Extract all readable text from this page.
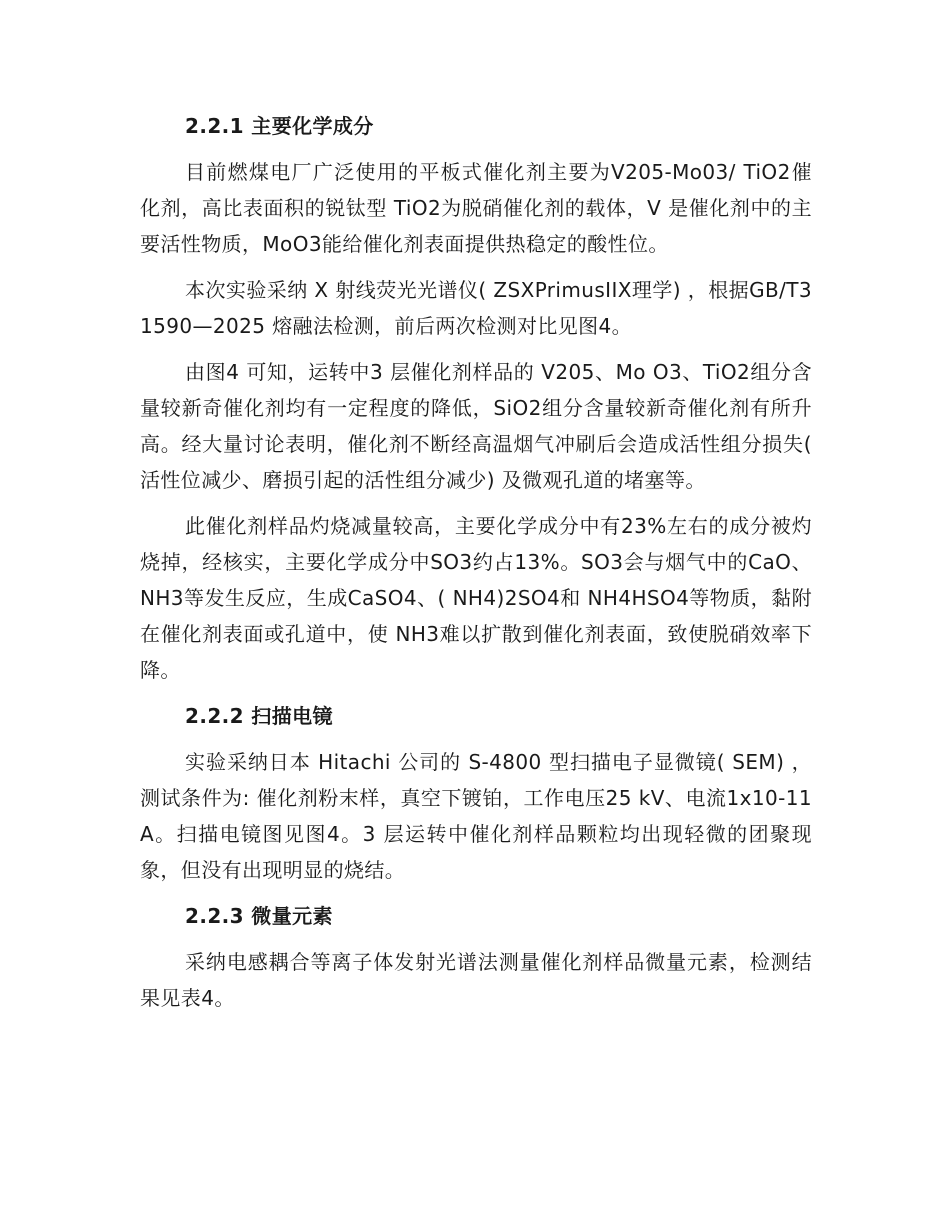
2.2.1 主要化学成分

目前燃煤电厂广泛使用的平板式催化剂主要为V205-Mo03/ TiO2催化剂，高比表面积的锐钛型 TiO2为脱硝催化剂的载体，V 是催化剂中的主要活性物质，MoO3能给催化剂表面提供热稳定的酸性位。

本次实验采纳 X 射线荧光光谱仪( ZSXPrimusIIX理学) ，根据GB/T31590—2025 熔融法检测，前后两次检测对比见图4。

由图4 可知，运转中3 层催化剂样品的 V205、Mo O3、TiO2组分含量较新奇催化剂均有一定程度的降低，SiO2组分含量较新奇催化剂有所升高。经大量讨论表明，催化剂不断经高温烟气冲刷后会造成活性组分损失( 活性位减少、磨损引起的活性组分减少) 及微观孔道的堵塞等。

此催化剂样品灼烧减量较高，主要化学成分中有23%左右的成分被灼烧掉，经核实，主要化学成分中SO3约占13%。SO3会与烟气中的CaO、NH3等发生反应，生成CaSO4、( NH4)2SO4和 NH4HSO4等物质，黏附在催化剂表面或孔道中，使 NH3难以扩散到催化剂表面，致使脱硝效率下降。

2.2.2 扫描电镜

实验采纳日本 Hitachi 公司的 S-4800 型扫描电子显微镜( SEM) ，测试条件为: 催化剂粉末样，真空下镀铂，工作电压25 kV、电流1x10-11A。扫描电镜图见图4。3 层运转中催化剂样品颗粒均出现轻微的团聚现象，但没有出现明显的烧结。

2.2.3 微量元素

采纳电感耦合等离子体发射光谱法测量催化剂样品微量元素，检测结果见表4。
